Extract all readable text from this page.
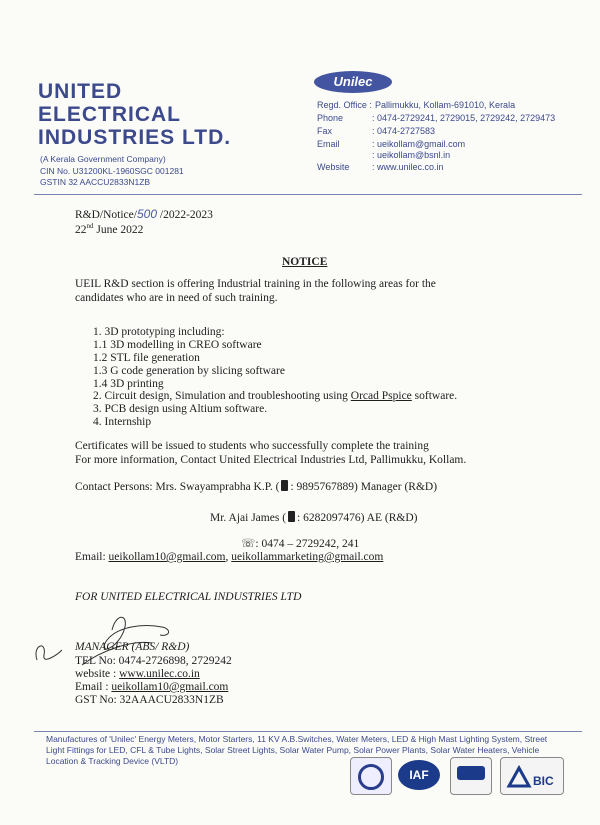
UNITED
ELECTRICAL
INDUSTRIES LTD.
(A Kerala Government Company)
CIN No. U31200KL-1960SGC 001281
GSTIN 32 AACCU2833N1ZB
Unilec
Regd. Office : Pallimukku, Kollam-691010, Kerala
Phone	: 0474-2729241, 2729015, 2729242, 2729473
Fax	: 0474-2727583
Email	: ueikollam@gmail.com
: ueikollam@bsnl.in
Website	: www.unilec.co.in
R&D/Notice/500 /2022-2023
22nd June 2022
NOTICE
UEIL R&D section is offering Industrial training in the following areas for the
candidates who are in need of such training.
1. 3D prototyping including:
1.1 3D modelling in CREO software
1.2 STL file generation
1.3 G code generation by slicing software
1.4 3D printing
2. Circuit design, Simulation and troubleshooting using Orcad Pspice software.
3. PCB design using Altium software.
4. Internship
Certificates will be issued to students who successfully complete the training
For more information, Contact United Electrical Industries Ltd, Pallimukku, Kollam.
Contact Persons: Mrs. Swayamprabha K.P. ( : 9895767889) Manager (R&D)
Mr. Ajai James ( : 6282097476) AE (R&D)
☏: 0474 – 2729242, 241
Email: ueikollam10@gmail.com, ueikollammarketing@gmail.com
FOR UNITED ELECTRICAL INDUSTRIES LTD
MANAGER (ABS/ R&D)
TEL No: 0474-2726898, 2729242
website : www.unilec.co.in
Email : ueikollam10@gmail.com
GST No: 32AAACU2833N1ZB
Manufactures of 'Unilec' Energy Meters, Motor Starters, 11 KV A.B.Switches, Water Meters, LED & High Mast Lighting System, Street
Light Fittings for LED, CFL & Tube Lights, Solar Street Lights, Solar Water Pump, Solar Power Plants, Solar Water Heaters, Vehicle
Location & Tracking Device (VLTD)
IAF	BIC
